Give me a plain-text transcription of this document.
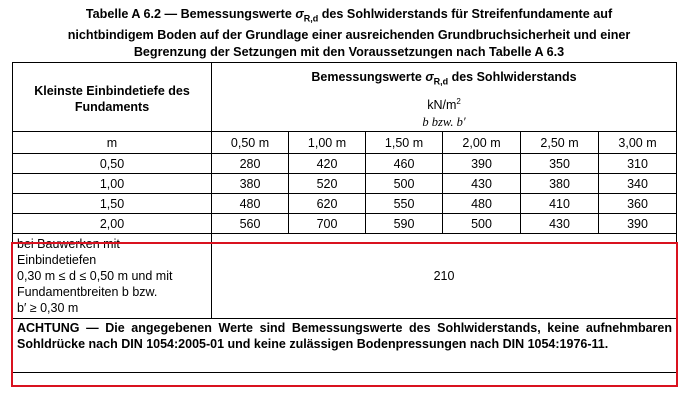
Tabelle A 6.2 — Bemessungswerte $\sigma_{R,d}$ des Sohlwiderstands für Streifenfundamente auf
nichtbindigem Boden auf der Grundlage einer ausreichenden Grundbruchsicherheit und einer
Begrenzung der Setzungen mit den Voraussetzungen nach Tabelle A 6.3
Kleinste Einbindetiefe des Fundaments	Bemessungswerte $\sigma_{R,d}$ des Sohlwiderstands
$kN/m^2$
b bzw. b′					

m	0,50 m	1,00 m	1,50 m	2,00 m	2,50 m	3,00 m
0,50	280	420	460	390	350	310
1,00	380	520	500	430	380	340
1,50	480	620	550	480	410	360
2,00	560	700	590	500	430	390

bei Bauwerken mit
Einbindetiefen
0,30 m ≤ d ≤ 0,50 m und mit
Fundamentbreiten b bzw.
b′ ≥ 0,30 m	210					
ACHTUNG — Die angegebenen Werte sind Bemessungswerte des Sohlwiderstands, keine aufnehmbaren Sohldrücke nach DIN 1054:2005-01 und keine zulässigen Bodenpressungen nach DIN 1054:1976-11.						
